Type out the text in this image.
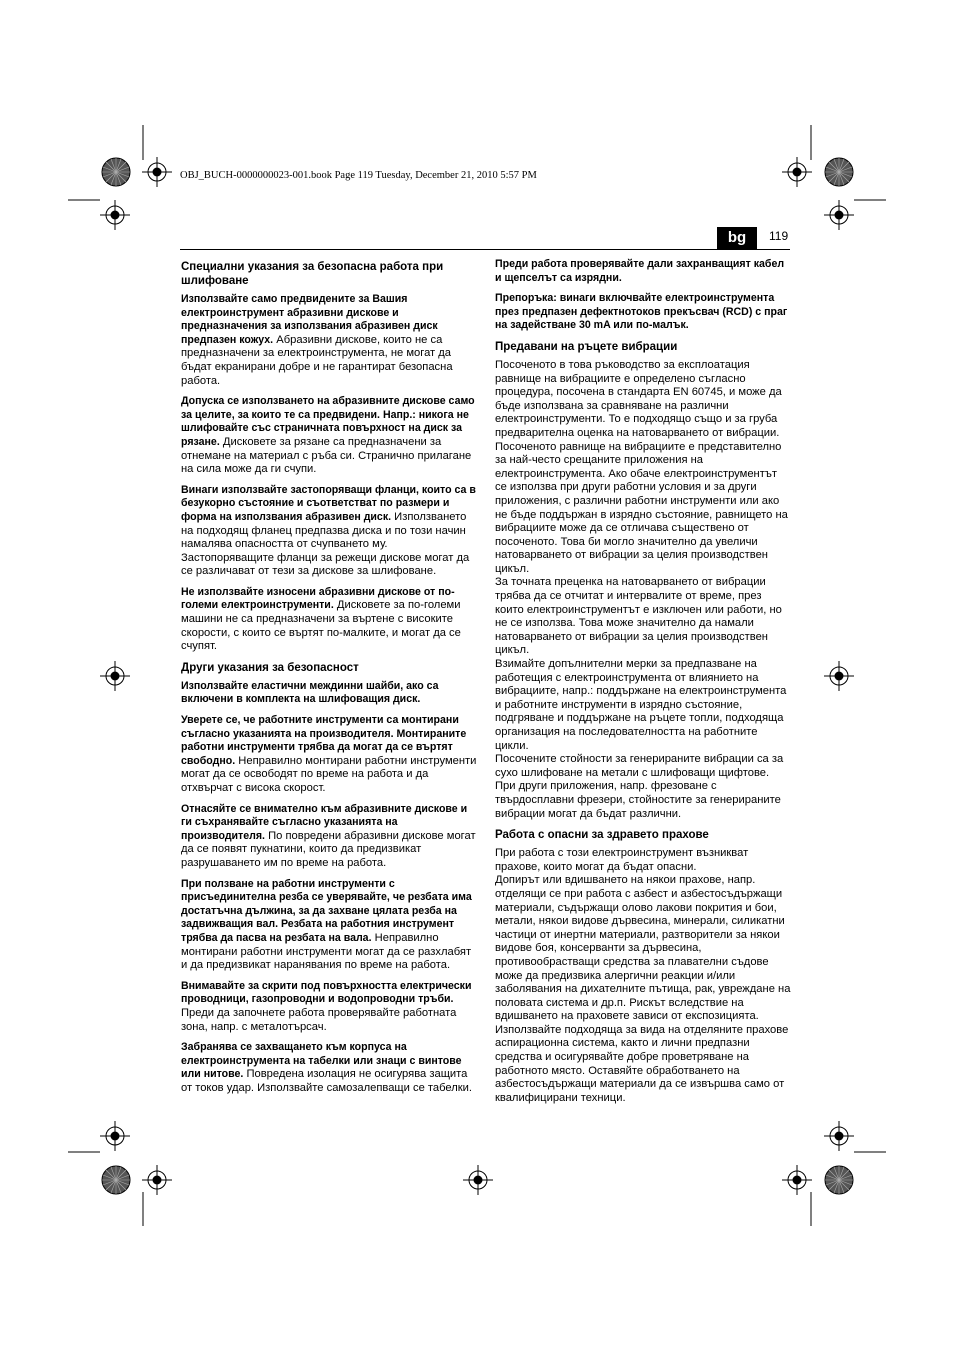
OBJ_BUCH-0000000023-001.book Page 119 Tuesday, December 21, 2010 5:57 PM
bg	119
Специални указания за безопасна работа при шлифоване

Използвайте само предвидените за Вашия електроинструмент абразивни дискове и предназначения за използвания абразивен диск предпазен кожух. Абразивни дискове, които не са предназначени за електроинструмента, не могат да бъдат екранирани добре и не гарантират безопасна работа.

Допуска се използването на абразивните дискове само за целите, за които те са предвидени. Напр.: никога не шлифовайте със страничната повърхност на диск за рязане. Дисковете за рязане са предназначени за отнемане на материал с ръба си. Странично прилагане на сила може да ги счупи.

Винаги използвайте застопоряващи фланци, които са в безукорно състояние и съответстват по размери и форма на използвания абразивен диск. Използването на подходящ фланец предпазва диска и по този начин намалява опасността от счупването му. Застопоряващите фланци за режещи дискове могат да се различават от тези за дискове за шлифоване.

Не използвайте износени абразивни дискове от по-големи електроинструменти. Дисковете за по-големи машини не са предназначени за въртене с високите скорости, с които се въртят по-малките, и могат да се счупят.

Други указания за безопасност

Използвайте еластични междинни шайби, ако са включени в комплекта на шлифоващия диск.

Уверете се, че работните инструменти са монтирани съгласно указанията на производителя. Монтираните работни инструменти трябва да могат да се въртят свободно. Неправилно монтирани работни инструменти могат да се освободят по време на работа и да отхвърчат с висока скорост.

Отнасяйте се внимателно към абразивните дискове и ги съхранявайте съгласно указанията на производителя. По повредени абразивни дискове могат да се появят пукнатини, които да предизвикат разрушаването им по време на работа.

При ползване на работни инструменти с присъединителна резба се уверявайте, че резбата има достатъчна дължина, за да захване цялата резба на задвижващия вал. Резбата на работния инструмент трябва да пасва на резбата на вала. Неправилно монтирани работни инструменти могат да се разхлабят и да предизвикат наранявания по време на работа.

Внимавайте за скрити под повърхността електрически проводници, газопроводни и водопроводни тръби. Преди да започнете работа проверявайте работната зона, напр. с металотърсач.

Забранява се захващането към корпуса на електроинструмента на табелки или знаци с винтове или нитове. Повредена изолация не осигурява защита от токов удар. Използвайте самозалепващи се табелки.

Преди работа проверявайте дали захранващият кабел и щепселът са изрядни.

Препоръка: винаги включвайте електроинструмента през предпазен дефектнотоков прекъсвач (RCD) с праг на задействане 30 mA или по-малък.

Предавани на ръцете вибрации

Посоченото в това ръководство за експлоатация равнище на вибрациите е определено съгласно процедура, посочена в стандарта EN 60745, и може да бъде използвана за сравняване на различни електроинструменти. То е подходящо също и за груба предварителна оценка на натоварването от вибрации.

Посоченото равнище на вибрациите е представително за най-често срещаните приложения на електроинструмента. Ако обаче електроинструментът се използва при други работни условия и за други приложения, с различни работни инструменти или ако не бъде поддържан в изрядно състояние, равнището на вибрациите може да се отличава съществено от посоченото. Това би могло значително да увеличи натоварването от вибрации за целия производствен цикъл.

За точната преценка на натоварването от вибрации трябва да се отчитат и интервалите от време, през които електроинструментът е изключен или работи, но не се използва. Това може значително да намали натоварването от вибрации за целия производствен цикъл.

Взимайте допълнителни мерки за предпазване на работещия с електроинструмента от влиянието на вибрациите, напр.: поддържане на електроинструмента и работните инструменти в изрядно състояние, подгряване и поддържане на ръцете топли, подходяща организация на последователността на работните цикли.

Посочените стойности за генерираните вибрации са за сухо шлифоване на метали с шлифоващи щифтове. При други приложения, напр. фрезоване с твърдосплавни фрезери, стойностите за генерираните вибрации могат да бъдат различни.

Работа с опасни за здравето прахове

При работа с този електроинструмент възникват прахове, които могат да бъдат опасни.

Допирът или вдишването на някои прахове, напр. отделящи се при работа с азбест и азбестосъдържащи материали, съдържащи олово лакови покрития и бои, метали, някои видове дървесина, минерали, силикатни частици от инертни материали, разтворители за някои видове боя, консерванти за дървесина, противообрастващи средства за плавателни съдове може да предизвика алергични реакции и/или заболявания на дихателните пътища, рак, увреждане на половата система и др.п. Рискът вследствие на вдишването на праховете зависи от експозицията. Използвайте подходяща за вида на отделяните прахове аспирационна система, както и лични предпазни средства и осигурявайте добре проветряване на работното място. Оставяйте обработването на азбестосъдържащи материали да се извършва само от квалифицирани техници.
